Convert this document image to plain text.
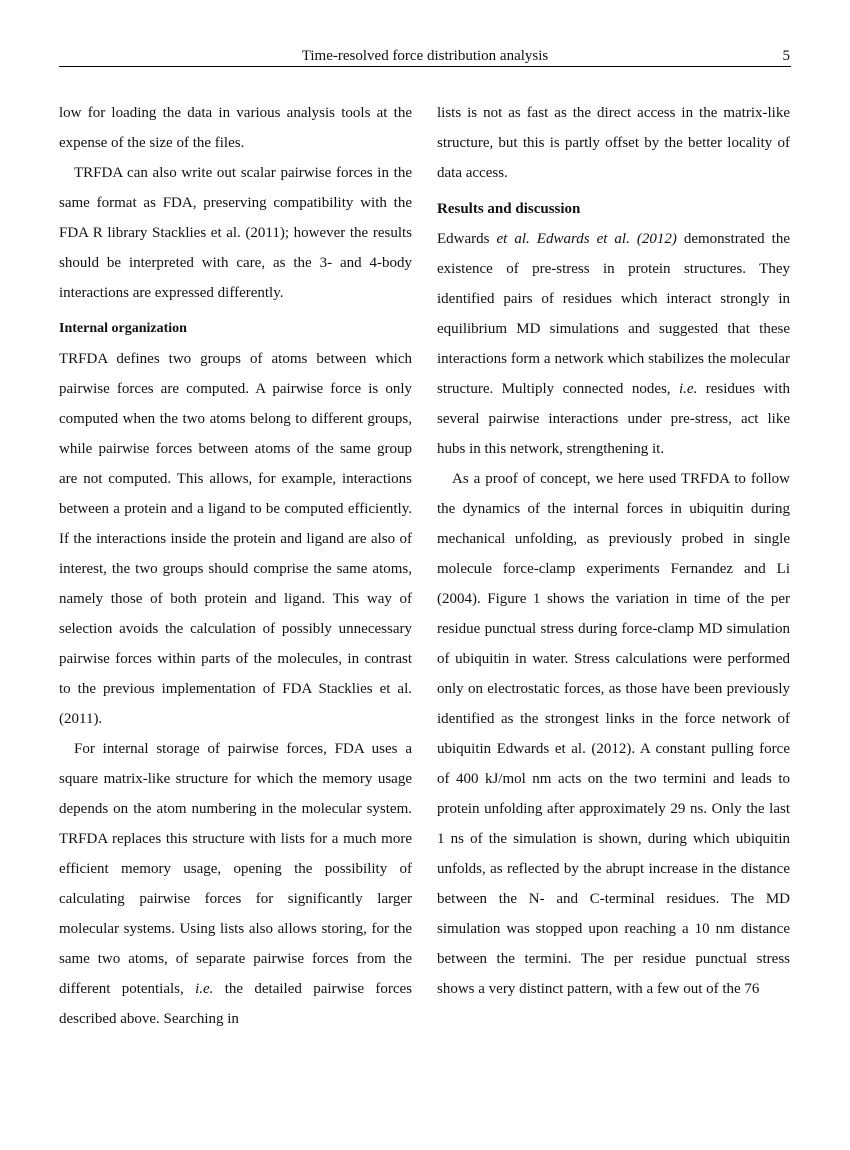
Time-resolved force distribution analysis	5

low for loading the data in various analysis tools at the expense of the size of the files.

TRFDA can also write out scalar pairwise forces in the same format as FDA, preserving compatibility with the FDA R library Stacklies et al. (2011); however the results should be interpreted with care, as the 3- and 4-body interactions are expressed differently.

Internal organization

TRFDA defines two groups of atoms between which pairwise forces are computed. A pairwise force is only computed when the two atoms belong to different groups, while pairwise forces between atoms of the same group are not computed. This allows, for example, interactions between a protein and a ligand to be computed efficiently. If the interactions inside the protein and ligand are also of interest, the two groups should comprise the same atoms, namely those of both protein and ligand. This way of selection avoids the calculation of possibly unnecessary pairwise forces within parts of the molecules, in contrast to the previous implementation of FDA Stacklies et al. (2011).

For internal storage of pairwise forces, FDA uses a square matrix-like structure for which the memory usage depends on the atom numbering in the molecular system. TRFDA replaces this structure with lists for a much more efficient memory usage, opening the possibility of calculating pairwise forces for significantly larger molecular systems. Using lists also allows storing, for the same two atoms, of separate pairwise forces from the different potentials, i.e. the detailed pairwise forces described above. Searching in

lists is not as fast as the direct access in the matrix-like structure, but this is partly offset by the better locality of data access.

Results and discussion

Edwards et al. Edwards et al. (2012) demonstrated the existence of pre-stress in protein structures. They identified pairs of residues which interact strongly in equilibrium MD simulations and suggested that these interactions form a network which stabilizes the molecular structure. Multiply connected nodes, i.e. residues with several pairwise interactions under pre-stress, act like hubs in this network, strengthening it.

As a proof of concept, we here used TRFDA to follow the dynamics of the internal forces in ubiquitin during mechanical unfolding, as previously probed in single molecule force-clamp experiments Fernandez and Li (2004). Figure 1 shows the variation in time of the per residue punctual stress during force-clamp MD simulation of ubiquitin in water. Stress calculations were performed only on electrostatic forces, as those have been previously identified as the strongest links in the force network of ubiquitin Edwards et al. (2012). A constant pulling force of 400 kJ/mol nm acts on the two termini and leads to protein unfolding after approximately 29 ns. Only the last 1 ns of the simulation is shown, during which ubiquitin unfolds, as reflected by the abrupt increase in the distance between the N- and C-terminal residues. The MD simulation was stopped upon reaching a 10 nm distance between the termini. The per residue punctual stress shows a very distinct pattern, with a few out of the 76
